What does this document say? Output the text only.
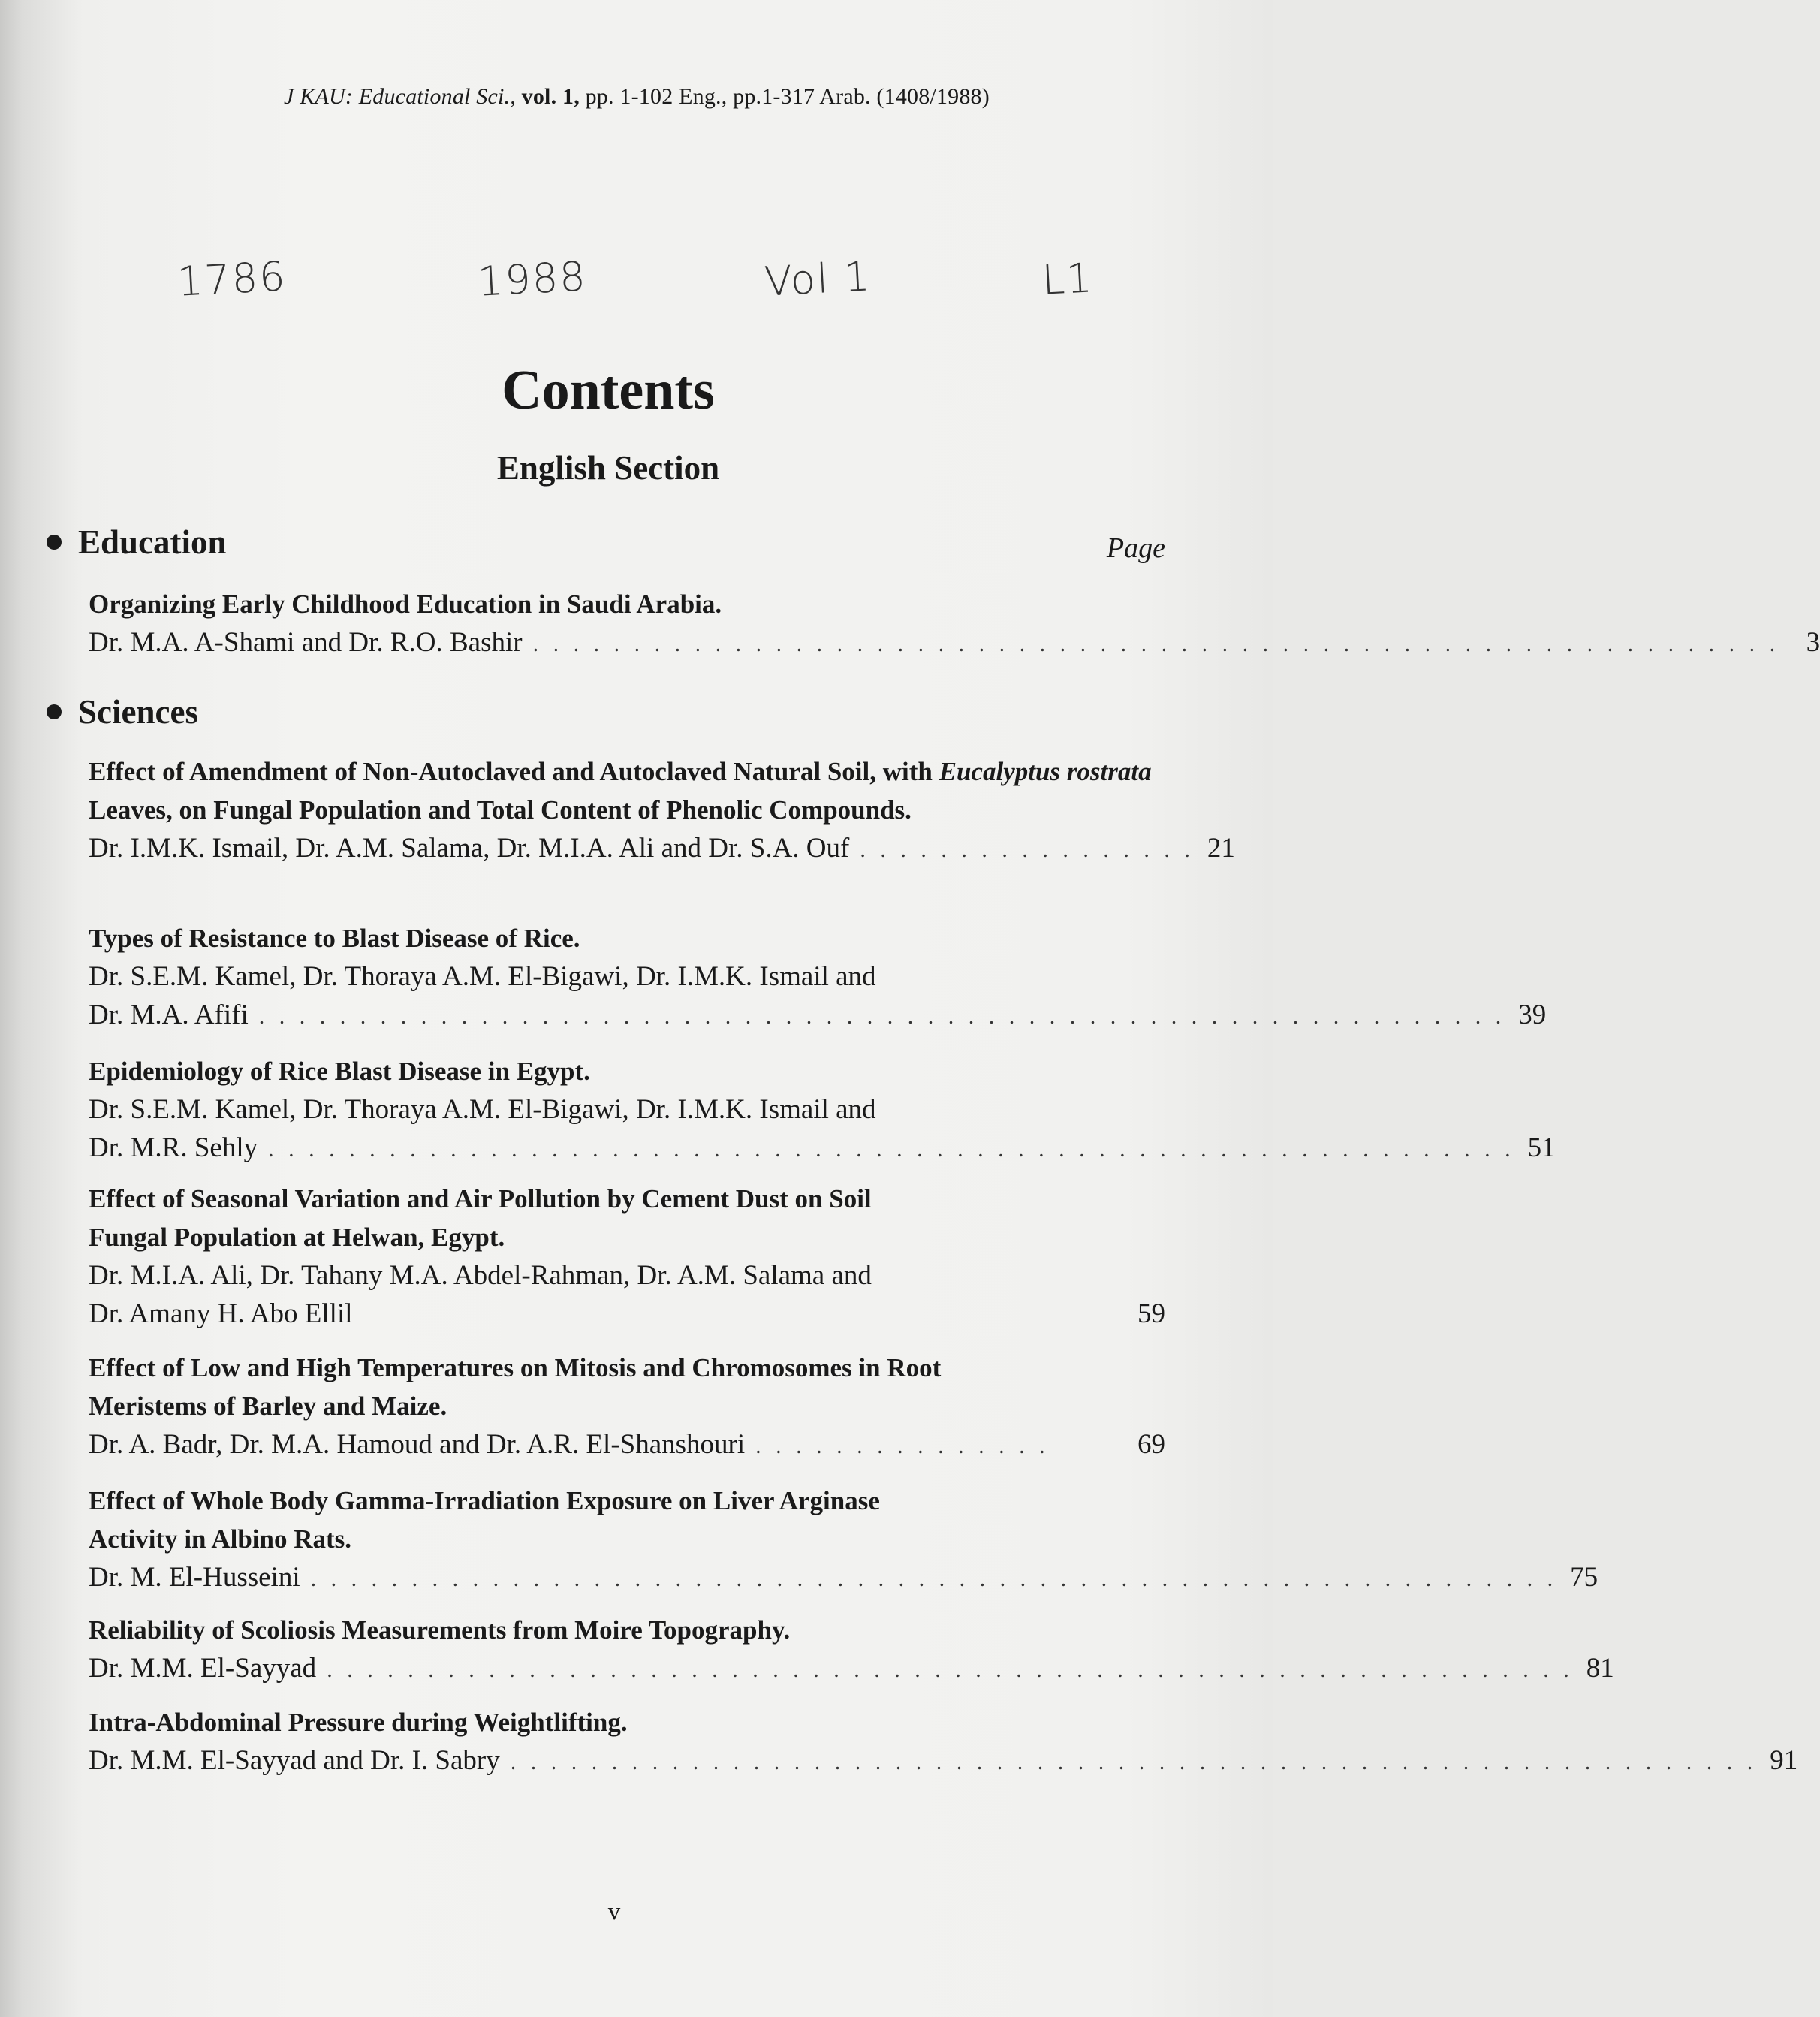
J KAU: Educational Sci., vol. 1, pp. 1-102 Eng., pp.1-317 Arab. (1408/1988)
1786	1988	Vol 1	L1
Contents
English Section
Education	Page
Organizing Early Childhood Education in Saudi Arabia.
Dr. M.A. A-Shami and Dr. R.O. Bashir . . . . . . . . . . . . . . . . . . . . . . . . . . . . . . . . . . . . . . . . . . . . . . . . . . . . . . . . . . . . . . 3
Sciences
Effect of Amendment of Non-Autoclaved and Autoclaved Natural Soil, with Eucalyptus rostrata Leaves, on Fungal Population and Total Content of Phenolic Compounds.
Dr. I.M.K. Ismail, Dr. A.M. Salama, Dr. M.I.A. Ali and Dr. S.A. Ouf . . . . . . . . . . . . . . . . . 21
Types of Resistance to Blast Disease of Rice.
Dr. S.E.M. Kamel, Dr. Thoraya A.M. El-Bigawi, Dr. I.M.K. Ismail and
Dr. M.A. Afifi . . . . . . . . . . . . . . . . . . . . . . . . . . . . . . . . . . . . . . . . . . . . . . . . . . . . . . . . . . . . . . 39
Epidemiology of Rice Blast Disease in Egypt.
Dr. S.E.M. Kamel, Dr. Thoraya A.M. El-Bigawi, Dr. I.M.K. Ismail and
Dr. M.R. Sehly . . . . . . . . . . . . . . . . . . . . . . . . . . . . . . . . . . . . . . . . . . . . . . . . . . . . . . . . . . . . . . 51
Effect of Seasonal Variation and Air Pollution by Cement Dust on Soil
Fungal Population at Helwan, Egypt.
Dr. M.I.A. Ali, Dr. Tahany M.A. Abdel-Rahman, Dr. A.M. Salama and
Dr. Amany H. Abo Ellil	59
Effect of Low and High Temperatures on Mitosis and Chromosomes in Root
Meristems of Barley and Maize.
Dr. A. Badr, Dr. M.A. Hamoud and Dr. A.R. El-Shanshouri . . . . . . . . . . . . . . .	69
Effect of Whole Body Gamma-Irradiation Exposure on Liver Arginase
Activity in Albino Rats.
Dr. M. El-Husseini . . . . . . . . . . . . . . . . . . . . . . . . . . . . . . . . . . . . . . . . . . . . . . . . . . . . . . . . . . . . . . 75
Reliability of Scoliosis Measurements from Moire Topography.
Dr. M.M. El-Sayyad . . . . . . . . . . . . . . . . . . . . . . . . . . . . . . . . . . . . . . . . . . . . . . . . . . . . . . . . . . . . . . 81
Intra-Abdominal Pressure during Weightlifting.
Dr. M.M. El-Sayyad and Dr. I. Sabry . . . . . . . . . . . . . . . . . . . . . . . . . . . . . . . . . . . . . . . . . . . . . . . . . . . . . . . . . . . . . . 91
v
